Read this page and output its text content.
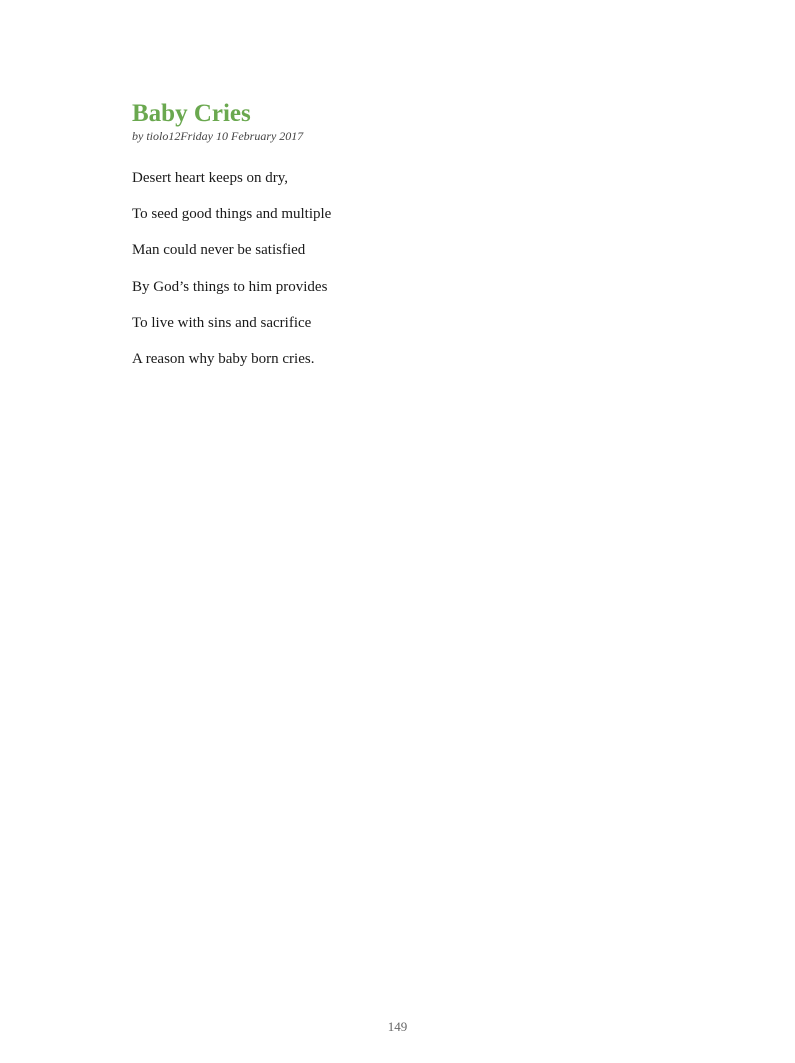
Baby Cries

by tiolo12Friday 10 February 2017

Desert heart keeps on dry,
To seed good things and multiple
Man could never be satisfied
By God’s things to him provides
To live with sins and sacrifice
A reason why baby born cries.
149
